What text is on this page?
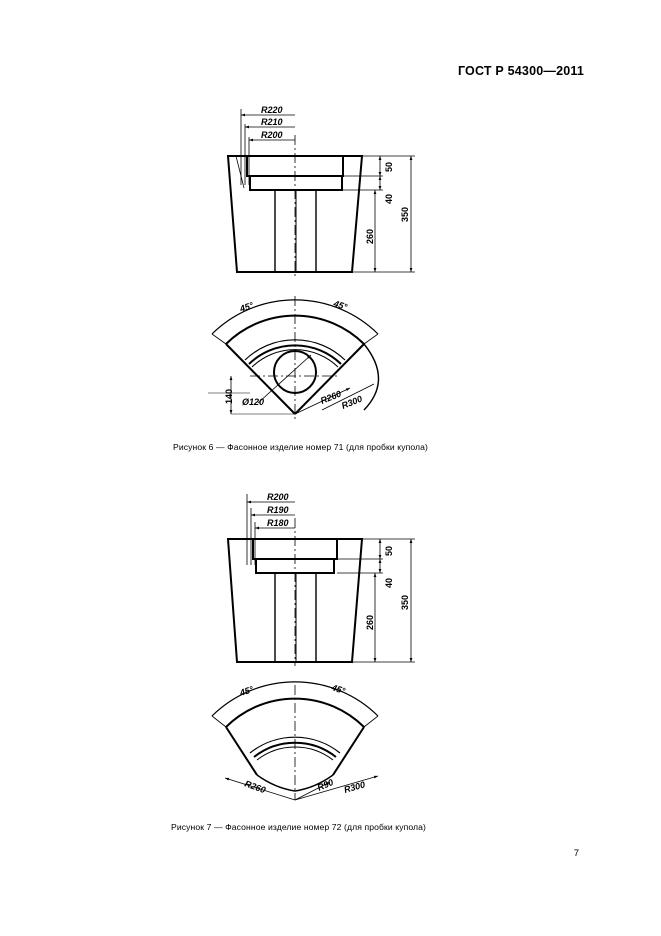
ГОСТ Р 54300—2011
R220
R210
R200
50
40
260
350
45°	45°
140 Ø120	R260
R300
R200
R190
R180
50
40
260
350
45°	45°
R260	R90 R300
Рисунок 6 — Фасонное изделие номер 71 (для пробки купола)
Рисунок 7 — Фасонное изделие номер 72 (для пробки купола)
7
